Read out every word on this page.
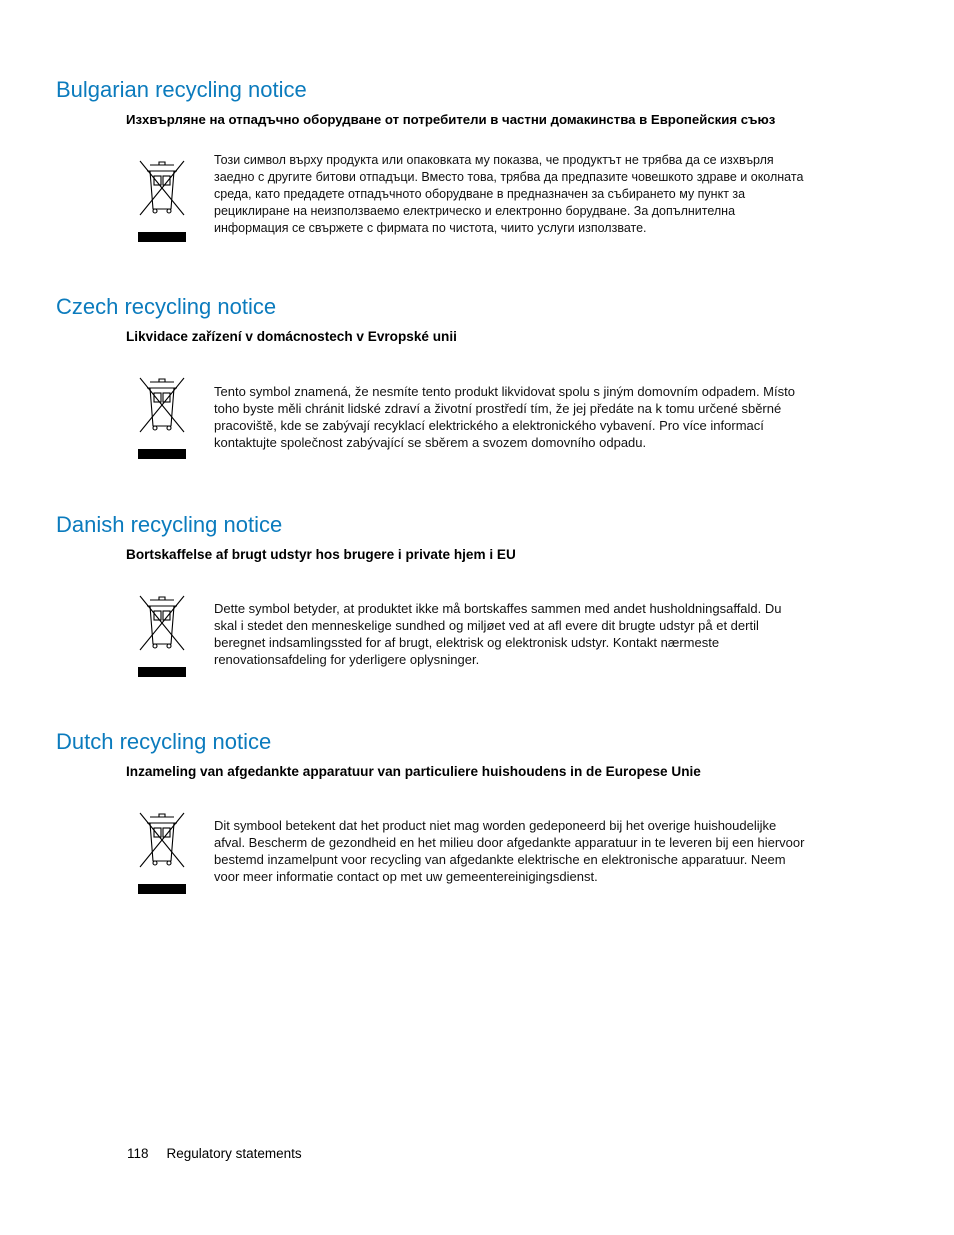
Bulgarian recycling notice
Изхвърляне на отпадъчно оборудване от потребители в частни домакинства в Европейския съюз

Този символ върху продукта или опаковката му показва, че продуктът не трябва да се изхвърля заедно с другите битови отпадъци. Вместо това, трябва да предпазите човешкото здраве и околната среда, като предадете отпадъчното оборудване в предназначен за събирането му пункт за рециклиране на неизползваемо електрическо и електронно борудване. За допълнителна информация се свържете с фирмата по чистота, чиито услуги използвате.

Czech recycling notice
Likvidace zařízení v domácnostech v Evropské unii

Tento symbol znamená, že nesmíte tento produkt likvidovat spolu s jiným domovním odpadem. Místo toho byste měli chránit lidské zdraví a životní prostředí tím, že jej předáte na k tomu určené sběrné pracoviště, kde se zabývají recyklací elektrického a elektronického vybavení. Pro více informací kontaktujte společnost zabývající se sběrem a svozem domovního odpadu.

Danish recycling notice
Bortskaffelse af brugt udstyr hos brugere i private hjem i EU

Dette symbol betyder, at produktet ikke må bortskaffes sammen med andet husholdningsaffald. Du skal i stedet den menneskelige sundhed og miljøet ved at afl evere dit brugte udstyr på et dertil beregnet indsamlingssted for af brugt, elektrisk og elektronisk udstyr. Kontakt nærmeste renovationsafdeling for yderligere oplysninger.

Dutch recycling notice
Inzameling van afgedankte apparatuur van particuliere huishoudens in de Europese Unie

Dit symbool betekent dat het product niet mag worden gedeponeerd bij het overige huishoudelijke afval. Bescherm de gezondheid en het milieu door afgedankte apparatuur in te leveren bij een hiervoor bestemd inzamelpunt voor recycling van afgedankte elektrische en elektronische apparatuur. Neem voor meer informatie contact op met uw gemeentereinigingsdienst.

118 Regulatory statements
